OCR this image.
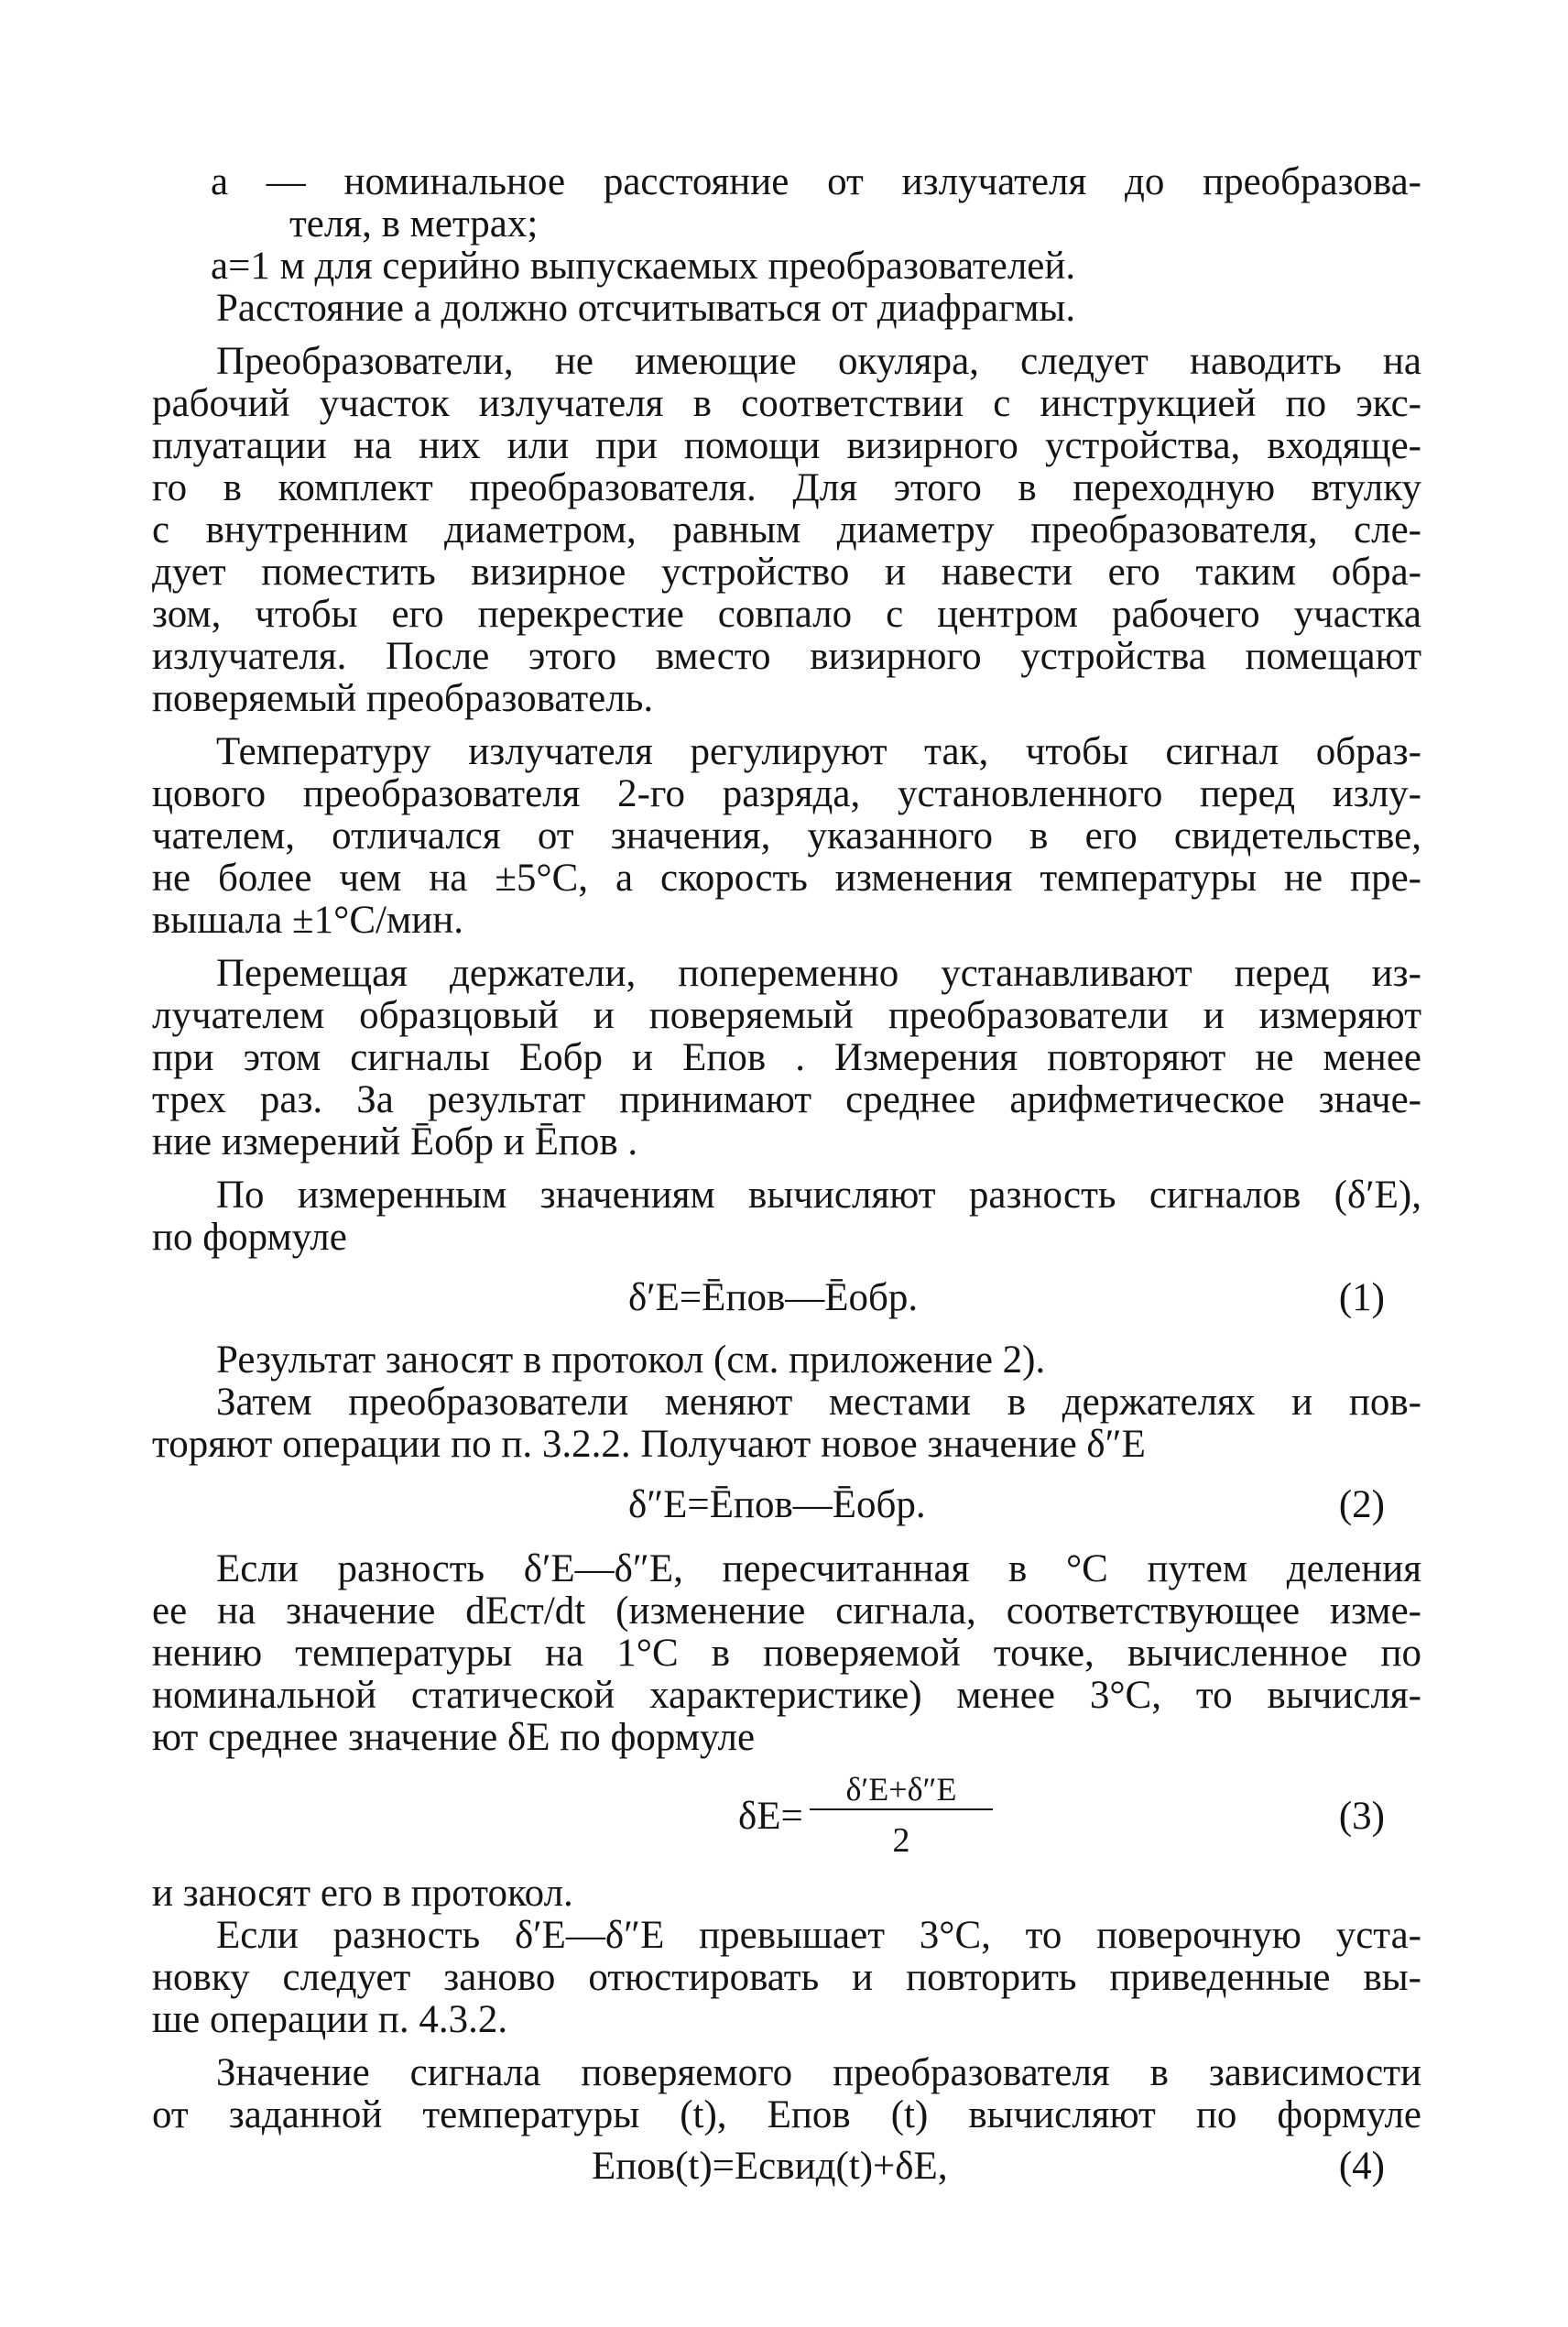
a — номинальное расстояние от излучателя до преобразова-
теля, в метрах;
a=1 м для серийно выпускаемых преобразователей.
Расстояние a должно отсчитываться от диафрагмы.
Преобразователи, не имеющие окуляра, следует наводить на
рабочий участок излучателя в соответствии с инструкцией по экс-
плуатации на них или при помощи визирного устройства, входяще-
го в комплект преобразователя. Для этого в переходную втулку
с внутренним диаметром, равным диаметру преобразователя, сле-
дует поместить визирное устройство и навести его таким обра-
зом, чтобы его перекрестие совпало с центром рабочего участка
излучателя. После этого вместо визирного устройства помещают
поверяемый преобразователь.
Температуру излучателя регулируют так, чтобы сигнал образ-
цового преобразователя 2-го разряда, установленного перед излу-
чателем, отличался от значения, указанного в его свидетельстве,
не более чем на ±5°С, а скорость изменения температуры не пре-
вышала ±1°С/мин.
Перемещая держатели, попеременно устанавливают перед из-
лучателем образцовый и поверяемый преобразователи и измеряют
при этом сигналы Eобр и Eпов . Измерения повторяют не менее
трех раз. За результат принимают среднее арифметическое значе-
ние измерений Ēобр и Ēпов .
По измеренным значениям вычисляют разность сигналов (δ′E),
по формуле
δ′E=Ēпов—Ēобр.	(1)
Результат заносят в протокол (см. приложение 2).
Затем преобразователи меняют местами в держателях и пов-
торяют операции по п. 3.2.2. Получают новое значение δ″E
δ″E=Ēпов—Ēобр.	(2)
Если разность δ′E—δ″E, пересчитанная в °С путем деления
ее на значение dEст/dt (изменение сигнала, соответствующее изме-
нению температуры на 1°С в поверяемой точке, вычисленное по
номинальной статической характеристике) менее 3°С, то вычисля-
ют среднее значение δE по формуле
δE=
δ′E+δ″E
2
(3)
и заносят его в протокол.
Если разность δ′E—δ″E превышает 3°С, то поверочную уста-
новку следует заново отюстировать и повторить приведенные вы-
ше операции п. 4.3.2.
Значение сигнала поверяемого преобразователя в зависимости
от заданной температуры (t), Eпов (t) вычисляют по формуле
Eпов(t)=Eсвид(t)+δE,	(4)
